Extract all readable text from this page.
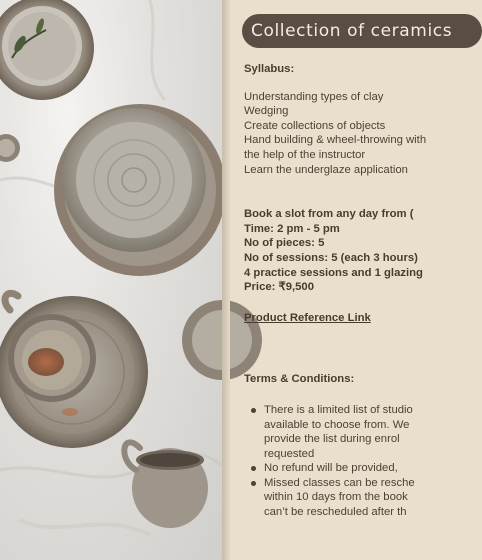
Collection of ceramics
Syllabus:
Understanding types of clay
Wedging
Create collections of objects
Hand building & wheel-throwing with
the help of the instructor
Learn the underglaze application
Book a slot from any day from (
Time: 2 pm - 5 pm
No of pieces: 5
No of sessions: 5 (each 3 hours)
4 practice sessions and 1 glazing
Price: ₹9,500
Product Reference Link
Terms & Conditions:
There is a limited list of studio
available to choose from. We
provide the list during enrol
requested
No refund will be provided,
Missed classes can be resche
within 10 days from the book
can’t be rescheduled after th
